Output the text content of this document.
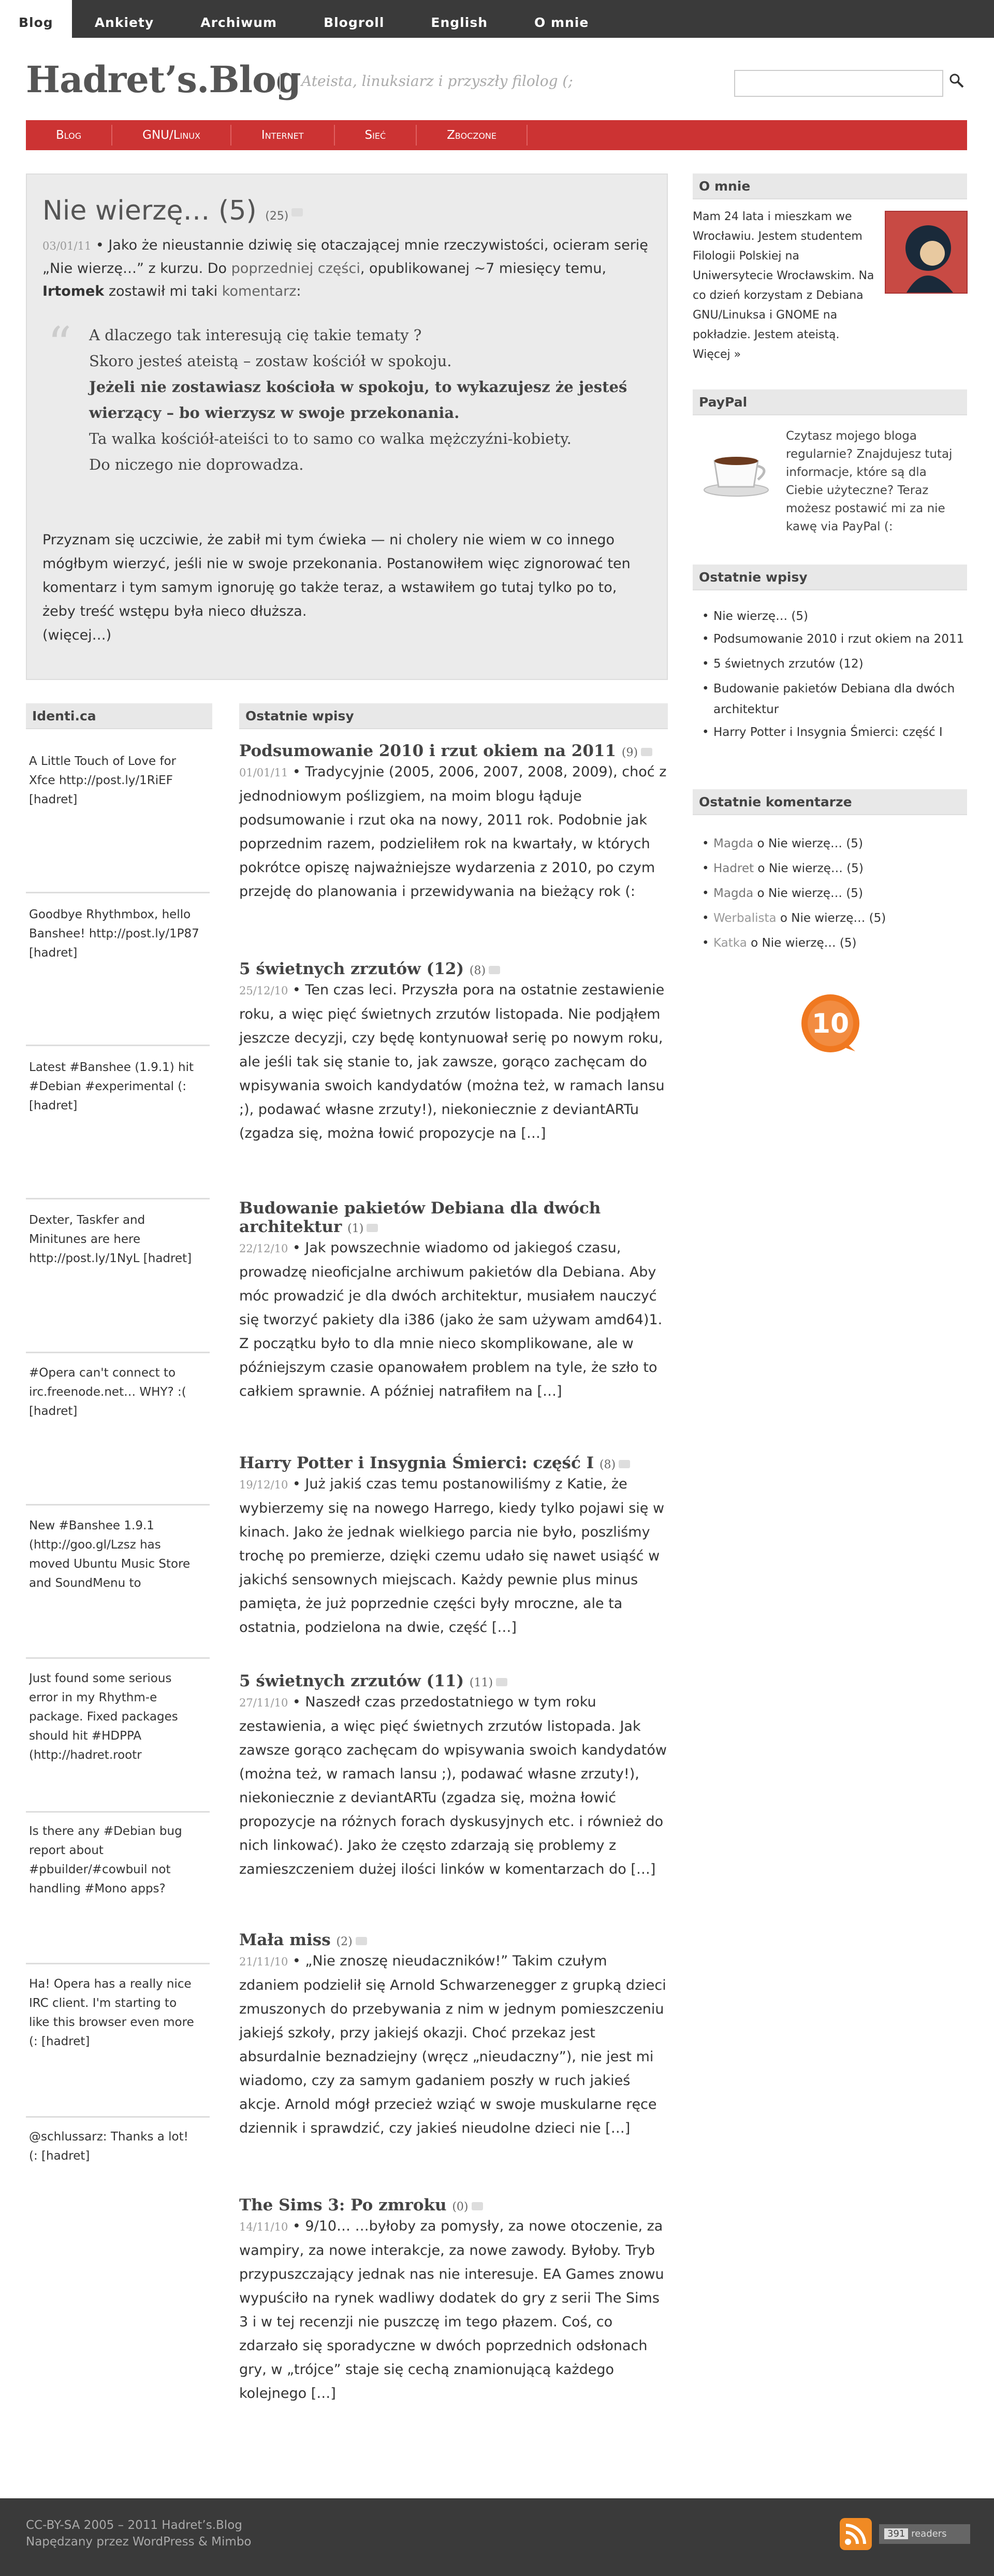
Blog	Ankiety	Archiwum	Blogroll	English	O mnie
Hadret’s.Blog Ateista, linuksiarz i przyszły filolog (;
Blog	GNU/Linux	Internet	Sieć	Zboczone
Nie wierzę… (5) (25)
03/01/11 • Jako że nieustannie dziwię się otaczającej mnie rzeczywistości, ocieram serię „Nie wierzę…” z kurzu. Do poprzedniej części, opublikowanej ~7 miesięcy temu, Irtomek zostawił mi taki komentarz:
“ A dlaczego tak interesują cię takie tematy ?
Skoro jesteś ateistą – zostaw kościół w spokoju.
Jeżeli nie zostawiasz kościoła w spokoju, to wykazujesz że jesteś wierzący – bo wierzysz w swoje przekonania.
Ta walka kościół-ateiści to to samo co walka mężczyźni-kobiety.
Do niczego nie doprowadza.
Przyznam się uczciwie, że zabił mi tym ćwieka — ni cholery nie wiem w co innego mógłbym wierzyć, jeśli nie w swoje przekonania. Postanowiłem więc zignorować ten komentarz i tym samym ignoruję go także teraz, a wstawiłem go tutaj tylko po to, żeby treść wstępu była nieco dłuższa.
(więcej…)
Identi.ca
A Little Touch of Love for Xfce http://post.ly/1RiEF [hadret]
Goodbye Rhythmbox, hello Banshee! http://post.ly/1P87 [hadret]
Latest #Banshee (1.9.1) hit #Debian #experimental (: [hadret]
Dexter, Taskfer and Minitunes are here http://post.ly/1NyL [hadret]
#Opera can't connect to irc.freenode.net… WHY? :( [hadret]
New #Banshee 1.9.1 (http://goo.gl/Lzsz has moved Ubuntu Music Store and SoundMenu to
Just found some serious error in my Rhythm-e package. Fixed packages should hit #HDPPA (http://hadret.rootr
Is there any #Debian bug report about #pbuilder/#cowbuil not handling #Mono apps?
Ha! Opera has a really nice IRC client. I'm starting to like this browser even more (: [hadret]
@schlussarz: Thanks a lot! (: [hadret]
Ostatnie wpisy
Podsumowanie 2010 i rzut okiem na 2011 (9)
01/01/11 • Tradycyjnie (2005, 2006, 2007, 2008, 2009), choć z jednodniowym poślizgiem, na moim blogu łąduje podsumowanie i rzut oka na nowy, 2011 rok. Podobnie jak poprzednim razem, podzieliłem rok na kwartały, w których pokrótce opiszę najważniejsze wydarzenia z 2010, po czym przejdę do planowania i przewidywania na bieżący rok (:
5 świetnych zrzutów (12) (8)
25/12/10 • Ten czas leci. Przyszła pora na ostatnie zestawienie roku, a więc pięć świetnych zrzutów listopada. Nie podjąłem jeszcze decyzji, czy będę kontynuował serię po nowym roku, ale jeśli tak się stanie to, jak zawsze, gorąco zachęcam do wpisywania swoich kandydatów (można też, w ramach lansu ;), podawać własne zrzuty!), niekoniecznie z deviantARTu (zgadza się, można łowić propozycje na […]
Budowanie pakietów Debiana dla dwóch architektur (1)
22/12/10 • Jak powszechnie wiadomo od jakiegoś czasu, prowadzę nieoficjalne archiwum pakietów dla Debiana. Aby móc prowadzić je dla dwóch architektur, musiałem nauczyć się tworzyć pakiety dla i386 (jako że sam używam amd64)1. Z początku było to dla mnie nieco skomplikowane, ale w późniejszym czasie opanowałem problem na tyle, że szło to całkiem sprawnie. A później natrafiłem na […]
Harry Potter i Insygnia Śmierci: część I (8)
19/12/10 • Już jakiś czas temu postanowiliśmy z Katie, że wybierzemy się na nowego Harrego, kiedy tylko pojawi się w kinach. Jako że jednak wielkiego parcia nie było, poszliśmy trochę po premierze, dzięki czemu udało się nawet usiąść w jakichś sensownych miejscach. Każdy pewnie plus minus pamięta, że już poprzednie części były mroczne, ale ta ostatnia, podzielona na dwie, część […]
5 świetnych zrzutów (11) (11)
27/11/10 • Naszedł czas przedostatniego w tym roku zestawienia, a więc pięć świetnych zrzutów listopada. Jak zawsze gorąco zachęcam do wpisywania swoich kandydatów (można też, w ramach lansu ;), podawać własne zrzuty!), niekoniecznie z deviantARTu (zgadza się, można łowić propozycje na różnych forach dyskusyjnych etc. i również do nich linkować). Jako że często zdarzają się problemy z zamieszczeniem dużej ilości linków w komentarzach do […]
Mała miss (2)
21/11/10 • „Nie znoszę nieudaczników!” Takim czułym zdaniem podzielił się Arnold Schwarzenegger z grupką dzieci zmuszonych do przebywania z nim w jednym pomieszczeniu jakiejś szkoły, przy jakiejś okazji. Choć przekaz jest absurdalnie beznadziejny (wręcz „nieudaczny”), nie jest mi wiadomo, czy za samym gadaniem poszły w ruch jakieś akcje. Arnold mógł przecież wziąć w swoje muskularne ręce dziennik i sprawdzić, czy jakieś nieudolne dzieci nie […]
The Sims 3: Po zmroku (0)
14/11/10 • 9/10… …byłoby za pomysły, za nowe otoczenie, za wampiry, za nowe interakcje, za nowe zawody. Byłoby. Tryb przypuszczający jednak nas nie interesuje. EA Games znowu wypuściło na rynek wadliwy dodatek do gry z serii The Sims 3 i w tej recenzji nie puszczę im tego płazem. Coś, co zdarzało się sporadyczne w dwóch poprzednich odsłonach gry, w „trójce” staje się cechą znamionującą każdego kolejnego […]
O mnie
Mam 24 lata i mieszkam we Wrocławiu. Jestem studentem Filologii Polskiej na Uniwersytecie Wrocławskim. Na co dzień korzystam z Debiana GNU/Linuksa i GNOME na pokładzie. Jestem ateistą. Więcej »
PayPal
Czytasz mojego bloga regularnie? Znajdujesz tutaj informacje, które są dla Ciebie użyteczne? Teraz możesz postawić mi za nie kawę via PayPal (:
Ostatnie wpisy
• Nie wierzę… (5)
• Podsumowanie 2010 i rzut okiem na 2011
• 5 świetnych zrzutów (12)
• Budowanie pakietów Debiana dla dwóch architektur
• Harry Potter i Insygnia Śmierci: część I
Ostatnie komentarze
• Magda o Nie wierzę… (5)
• Hadret o Nie wierzę… (5)
• Magda o Nie wierzę… (5)
• Werbalista o Nie wierzę… (5)
• Katka o Nie wierzę… (5)
10
CC-BY-SA 2005 – 2011 Hadret’s.Blog
Napędzany przez WordPress & Mimbo
391 readers
